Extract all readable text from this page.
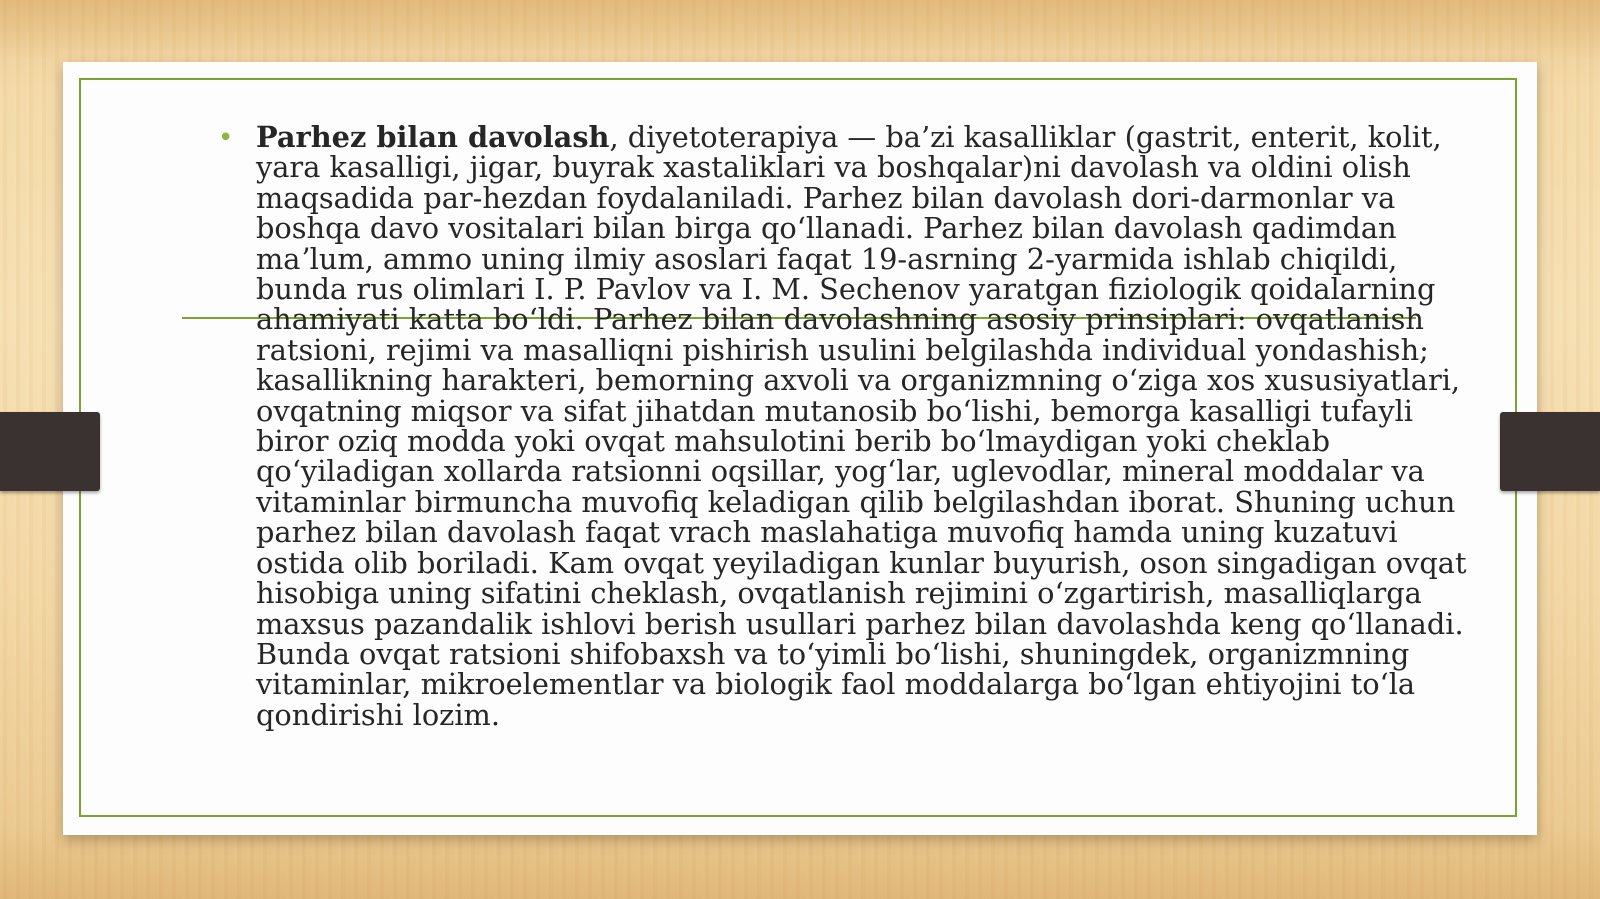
• Parhez bilan davolash, diyetoterapiya — ba’zi kasalliklar (gastrit, enterit, kolit, yara kasalligi, jigar, buyrak xastaliklari va boshqalar)ni davolash va oldini olish maqsadida par-hezdan foydalaniladi. Parhez bilan davolash dori-darmonlar va boshqa davo vositalari bilan birga qoʻllanadi. Parhez bilan davolash qadimdan maʼlum, ammo uning ilmiy asoslari faqat 19-asrning 2-yarmida ishlab chiqildi, bunda rus olimlari I. P. Pavlov va I. M. Sechenov yaratgan fiziologik qoidalarning ahamiyati katta boʻldi. Parhez bilan davolashning asosiy prinsiplari: ovqatlanish ratsioni, rejimi va masalliqni pishirish usulini belgilashda individual yondashish; kasallikning harakteri, bemorning axvoli va organizmning oʻziga xos xususiyatlari, ovqatning miqsor va sifat jihatdan mutanosib boʻlishi, bemorga kasalligi tufayli biror oziq modda yoki ovqat mahsulotini berib boʻlmaydigan yoki cheklab qoʻyiladigan xollarda ratsionni oqsillar, yogʻlar, uglevodlar, mineral moddalar va vitaminlar birmuncha muvofiq keladigan qilib belgilashdan iborat. Shuning uchun parhez bilan davolash faqat vrach maslahatiga muvofiq hamda uning kuzatuvi ostida olib boriladi. Kam ovqat yeyiladigan kunlar buyurish, oson singadigan ovqat hisobiga uning sifatini cheklash, ovqatlanish rejimini oʻzgartirish, masalliqlarga maxsus pazandalik ishlovi berish usullari parhez bilan davolashda keng qoʻllanadi. Bunda ovqat ratsioni shifobaxsh va toʻyimli boʻlishi, shuningdek, organizmning vitaminlar, mikroelementlar va biologik faol moddalarga boʻlgan ehtiyojini toʻla qondirishi lozim.
